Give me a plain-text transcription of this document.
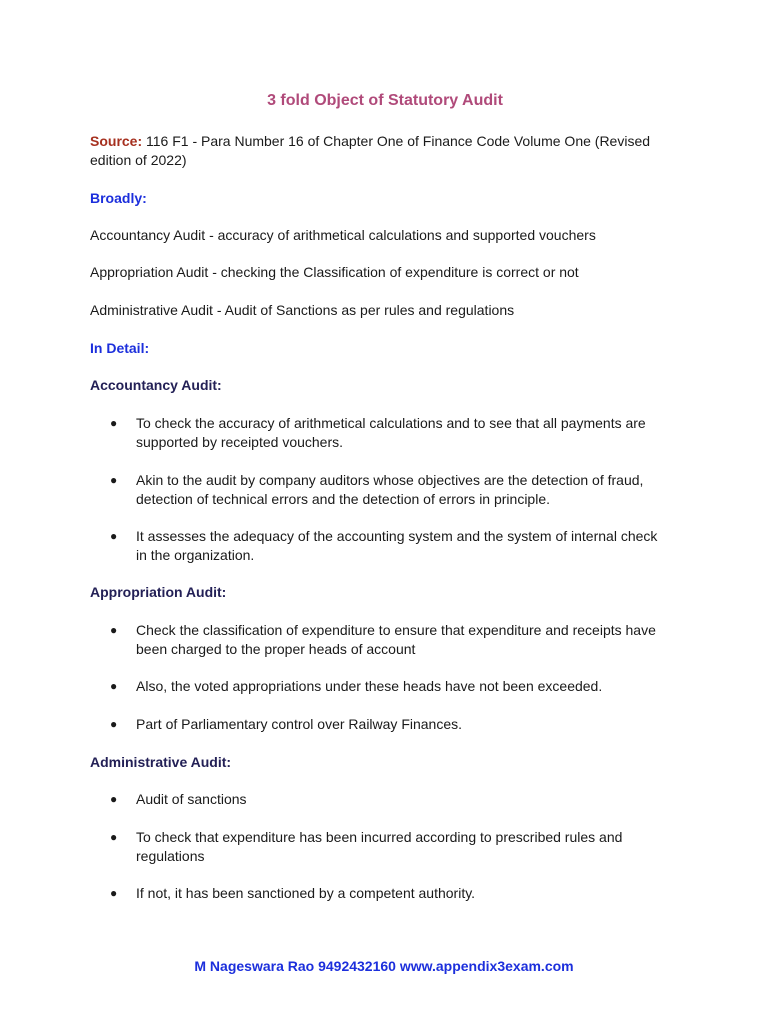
3 fold Object of Statutory Audit

Source: 116 F1 - Para Number 16 of Chapter One of Finance Code Volume One (Revised edition of 2022)

Broadly:

Accountancy Audit - accuracy of arithmetical calculations and supported vouchers

Appropriation Audit - checking the Classification of expenditure is correct or not

Administrative Audit - Audit of Sanctions as per rules and regulations

In Detail:

Accountancy Audit:

●	To check the accuracy of arithmetical calculations and to see that all payments are supported by receipted vouchers.
●	Akin to the audit by company auditors whose objectives are the detection of fraud, detection of technical errors and the detection of errors in principle.
●	It assesses the adequacy of the accounting system and the system of internal check in the organization.

Appropriation Audit:

●	Check the classification of expenditure to ensure that expenditure and receipts have been charged to the proper heads of account
●	Also, the voted appropriations under these heads have not been exceeded.
●	Part of Parliamentary control over Railway Finances.

Administrative Audit:

●	Audit of sanctions
●	To check that expenditure has been incurred according to prescribed rules and regulations
●	If not, it has been sanctioned by a competent authority.
M Nageswara Rao 9492432160 www.appendix3exam.com
